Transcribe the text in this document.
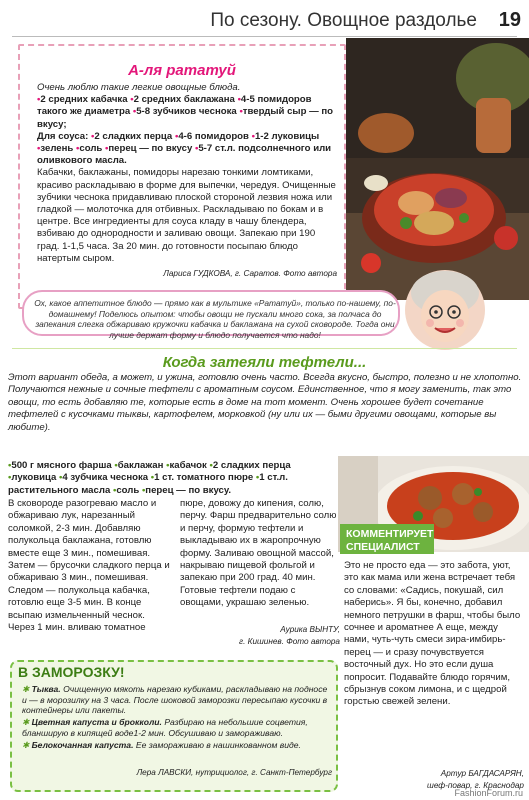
По сезону. Овощное раздолье 19
А-ля рататуй

Очень люблю такие легкие овощные блюда.

•2 средних кабачка •2 средних баклажана •4-5 помидоров такого же диаметра •5-8 зубчиков чеснока •твердый сыр — по вкусу;

Для соуса: •2 сладких перца •4-6 помидоров •1-2 луковицы •зелень •соль •перец — по вкусу •5-7 ст.л. подсолнечного или оливкового масла.

Кабачки, баклажаны, помидоры нарезаю тонкими ломтиками, красиво раскладываю в форме для выпечки, чередуя. Очищенные зубчики чеснока придавливаю плоской стороной лезвия ножа или гладкой — молоточка для отбивных. Раскладываю по бокам и в центре. Все ингредиенты для соуса кладу в чашу блендера, взбиваю до однородности и заливаю овощи. Запекаю при 190 град. 1-1,5 часа. За 20 мин. до готовности посыпаю блюдо натертым сыром.

Лариса ГУДКОВА, г. Саратов. Фото автора

Ох, какое аппетитное блюдо — прямо как в мультике «Рататуй», только по-нашему, по-домашнему! Поделюсь опытом: чтобы овощи не пускали много сока, за полчаса до запекания слегка обжариваю кружочки кабачка и баклажана на сухой сковороде. Тогда они лучше держат форму и блюдо получается что надо!
Когда затеяли тефтели...

Этот вариант обеда, а может, и ужина, готовлю очень часто. Всегда вкусно, быстро, полезно и не хлопотно. Получаются нежные и сочные тефтели с ароматным соусом. Единственное, что я могу заменить, так это овощи, то есть добавляю те, которые есть в доме на тот момент. Очень хорошее будет сочетание тефтелей с кусочками тыквы, картофелем, морковкой (ну или их — быми другими овощами, которые вы любите).

•500 г мясного фарша •баклажан •кабачок •2 сладких перца •луковица •4 зубчика чеснока •1 ст. томатного пюре •1 ст.л. растительного масла •соль •перец — по вкусу.

В сковороде разогреваю масло и обжариваю лук, нарезанный соломкой, 2-3 мин. Добавляю полукольца баклажана, готовлю вместе еще 3 мин., помешивая. Затем — брусочки сладкого перца и обжариваю 3 мин., помешивая. Следом — полукольца кабачка, готовлю еще 3-5 мин. В конце всыпаю измельченный чеснок. Через 1 мин. вливаю томатное

пюре, довожу до кипения, солю, перчу. Фарш предварительно солю и перчу, формую тефтели и выкладываю их в жаропрочную форму. Заливаю овощной массой, накрываю пищевой фольгой и запекаю при 200 град. 40 мин. Готовые тефтели подаю с овощами, украшаю зеленью.

Аурика ВЫНТУ,

г. Кишинев. Фото автора

КОММЕНТИРУЕТ
СПЕЦИАЛИСТ

Это не просто еда — это забота, уют, это как мама или жена встречает тебя со словами: «Садись, покушай, сил наберись». Я бы, конечно, добавил немного петрушки в фарш, чтобы было сочнее и ароматнее А еще, между нами, чуть-чуть смеси зира-имбирь-перец — и сразу почувствуется восточный дух. Но это если душа попросит. Подавайте блюдо горячим, сбрызнув соком лимона, и с щедрой горстью свежей зелени.

Артур БАГДАСАРЯН,

шеф-повар, г. Краснодар

В ЗАМОРОЗКУ!

✱ Тыква. Очищенную мякоть нарезаю кубиками, раскладываю на подносе и — в морозилку на 3 часа. После шоковой заморозки пересыпаю кусочки в контейнеры или пакеты.

✱ Цветная капуста и брокколи. Разбираю на небольшие соцветия, бланширую в кипящей воде1-2 мин. Обсушиваю и замораживаю.

✱ Белокочанная капуста. Ее замораживаю в нашинкованном виде.

Лера ЛАВСКИ, нутрициолог, г. Санкт-Петербург
FashionForum.ru
